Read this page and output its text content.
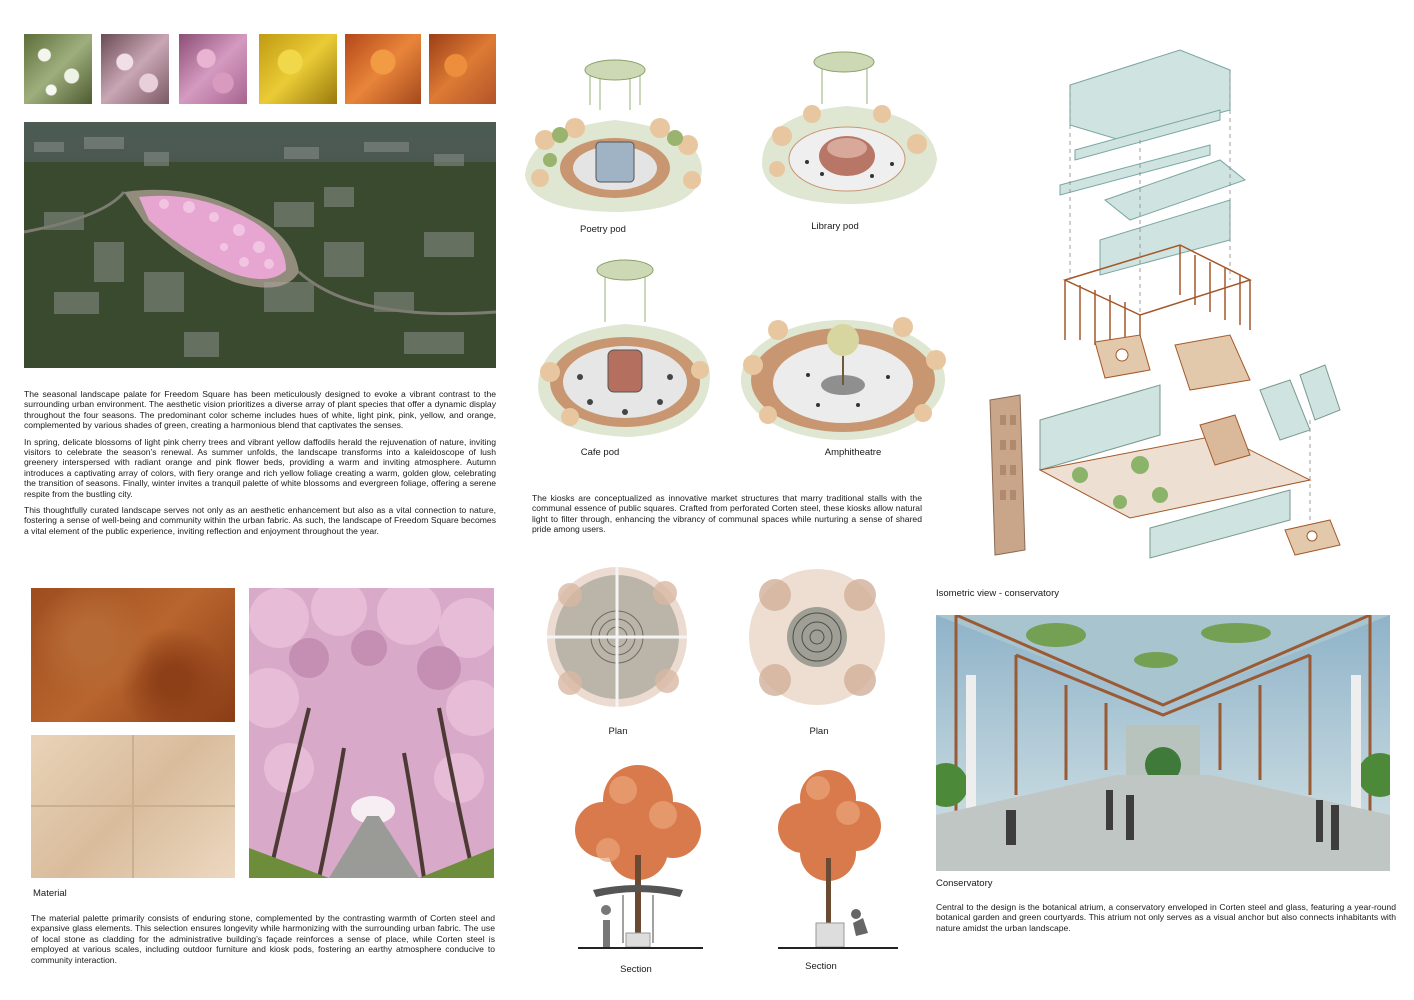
The seasonal landscape palate for Freedom Square has been meticulously designed to evoke a vibrant contrast to the surrounding urban environment. The aesthetic vision prioritizes a diverse array of plant species that offer a dynamic display throughout the four seasons. The predominant color scheme includes hues of white, light pink, pink, yellow, and orange, complemented by various shades of green, creating a harmonious blend that captivates the senses.

In spring, delicate blossoms of light pink cherry trees and vibrant yellow daffodils herald the rejuvenation of nature, inviting visitors to celebrate the season’s renewal. As summer unfolds, the landscape transforms into a kaleidoscope of lush greenery interspersed with radiant orange and pink flower beds, providing a warm and inviting atmosphere. Autumn introduces a captivating array of colors, with fiery orange and rich yellow foliage creating a warm, golden glow, celebrating the transition of seasons. Finally, winter invites a tranquil palette of white blossoms and evergreen foliage, offering a serene respite from the bustling city.

This thoughtfully curated landscape serves not only as an aesthetic enhancement but also as a vital connection to nature, fostering a sense of well-being and community within the urban fabric. As such, the landscape of Freedom Square becomes a vital element of the public experience, inviting reflection and enjoyment throughout the year.

Material
The material palette primarily consists of enduring stone, complemented by the contrasting warmth of Corten steel and expansive glass elements. This selection ensures longevity while harmonizing with the surrounding urban fabric. The use of local stone as cladding for the administrative building’s façade reinforces a sense of place, while Corten steel is employed at various scales, including outdoor furniture and kiosk pods, fostering an earthy atmosphere conducive to community interaction.
Poetry pod	Library pod
Cafe pod	Amphitheatre
The kiosks are conceptualized as innovative market structures that marry traditional stalls with the communal essence of public squares. Crafted from perforated Corten steel, these kiosks allow natural light to filter through, enhancing the vibrancy of communal spaces while nurturing a sense of shared pride among users.
Plan	Plan
Section	Section
Isometric view - conservatory
Conservatory
Central to the design is the botanical atrium, a conservatory enveloped in Corten steel and glass, featuring a year-round botanical garden and green courtyards. This atrium not only serves as a visual anchor but also connects inhabitants with nature amidst the urban landscape.
